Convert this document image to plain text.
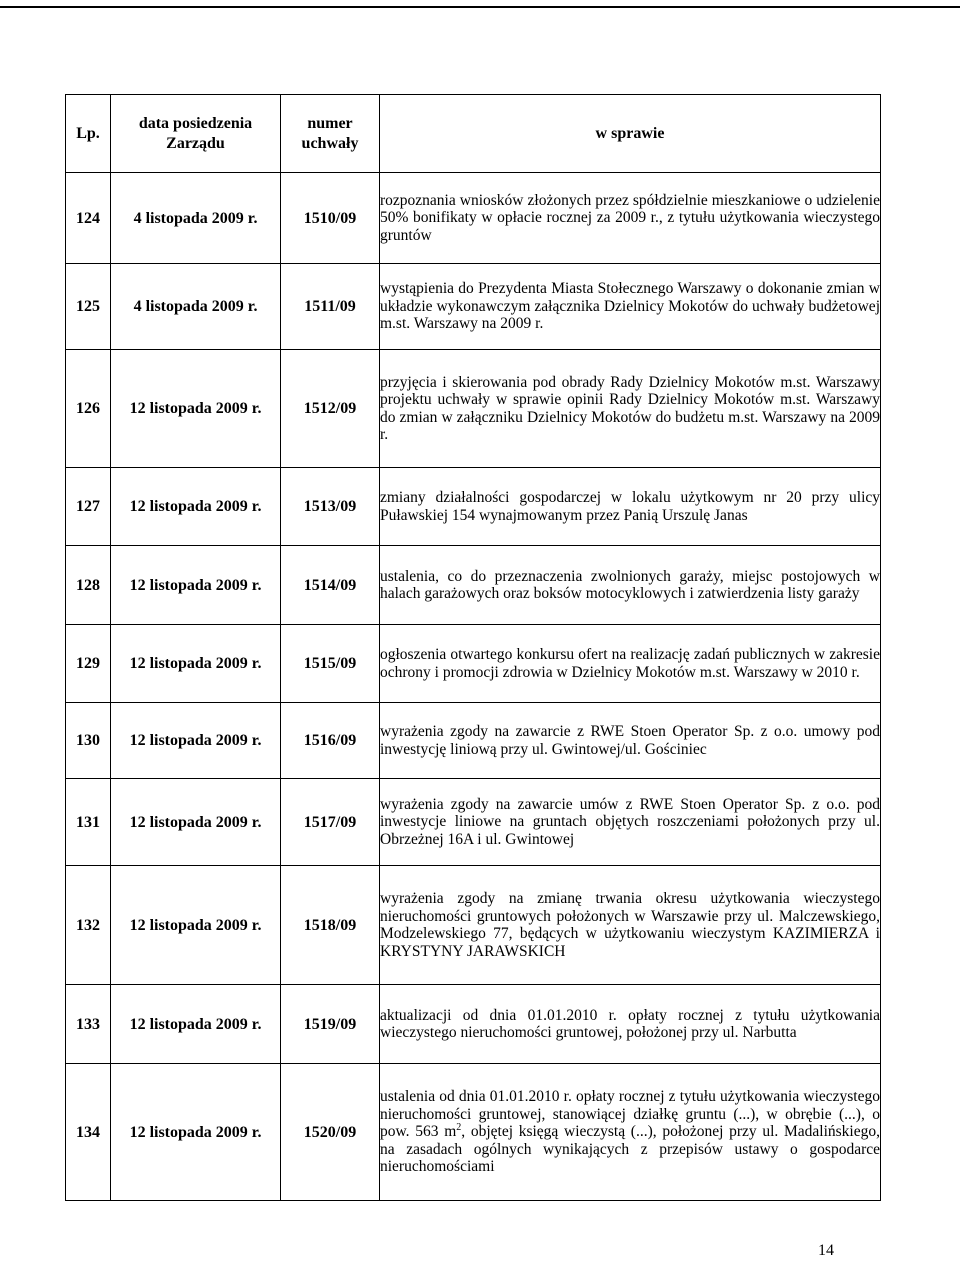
Lp.	data posiedzenia Zarządu	numer uchwały	w sprawie
124	4 listopada 2009 r.	1510/09	rozpoznania wniosków złożonych przez spółdzielnie mieszkaniowe o udzielenie 50% bonifikaty w opłacie rocznej za 2009 r., z tytułu użytkowania wieczystego gruntów
125	4 listopada 2009 r.	1511/09	wystąpienia do Prezydenta Miasta Stołecznego Warszawy o dokonanie zmian w układzie wykonawczym załącznika Dzielnicy Mokotów do uchwały budżetowej m.st. Warszawy na 2009 r.
126	12 listopada 2009 r.	1512/09	przyjęcia i skierowania pod obrady Rady Dzielnicy Mokotów m.st. Warszawy projektu uchwały w sprawie opinii Rady Dzielnicy Mokotów m.st. Warszawy do zmian w załączniku Dzielnicy Mokotów do budżetu m.st. Warszawy na 2009 r.
127	12 listopada 2009 r.	1513/09	zmiany działalności gospodarczej w lokalu użytkowym nr 20 przy ulicy Puławskiej 154 wynajmowanym przez Panią Urszulę Janas
128	12 listopada 2009 r.	1514/09	ustalenia, co do przeznaczenia zwolnionych garaży, miejsc postojowych w halach garażowych oraz boksów motocyklowych i zatwierdzenia listy garaży
129	12 listopada 2009 r.	1515/09	ogłoszenia otwartego konkursu ofert na realizację zadań publicznych w zakresie ochrony i promocji zdrowia w Dzielnicy Mokotów m.st. Warszawy w 2010 r.
130	12 listopada 2009 r.	1516/09	wyrażenia zgody na zawarcie z RWE Stoen Operator Sp. z o.o. umowy pod inwestycję liniową przy ul. Gwintowej/ul. Gościniec
131	12 listopada 2009 r.	1517/09	wyrażenia zgody na zawarcie umów z RWE Stoen Operator Sp. z o.o. pod inwestycje liniowe na gruntach objętych roszczeniami położonych przy ul. Obrzeżnej 16A i ul. Gwintowej
132	12 listopada 2009 r.	1518/09	wyrażenia zgody na zmianę trwania okresu użytkowania wieczystego nieruchomości gruntowych położonych w Warszawie przy ul. Malczewskiego, Modzelewskiego 77, będących w użytkowaniu wieczystym KAZIMIERZA i KRYSTYNY JARAWSKICH
133	12 listopada 2009 r.	1519/09	aktualizacji od dnia 01.01.2010 r. opłaty rocznej z tytułu użytkowania wieczystego nieruchomości gruntowej, położonej przy ul. Narbutta
134	12 listopada 2009 r.	1520/09	ustalenia od dnia 01.01.2010 r. opłaty rocznej z tytułu użytkowania wieczystego nieruchomości gruntowej, stanowiącej działkę gruntu (...), w obrębie (...), o pow. 563 $m^2$, objętej księgą wieczystą (...), położonej przy ul. Madalińskiego, na zasadach ogólnych wynikających z przepisów ustawy o gospodarce nieruchomościami
14
